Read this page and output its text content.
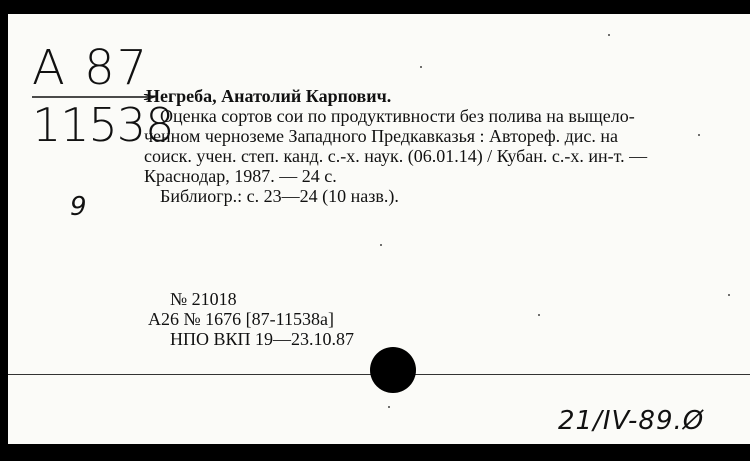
A 87
11538
9
Негребa, Анатолий Карпович.
Оценка сортов сои по продуктивности без полива на выщело-
ченном черноземе Западного Предкавказья : Автореф. дис. на
соиск. учен. степ. канд. с.-х. наук. (06.01.14) / Кубан. с.-х. ин-т. —
Краснодар, 1987. — 24 с.
Библиогр.: с. 23—24 (10 назв.).
№ 21018
А26 № 1676 [87-11538а]
НПО ВКП 19—23.10.87
21/IV-89.Ø
